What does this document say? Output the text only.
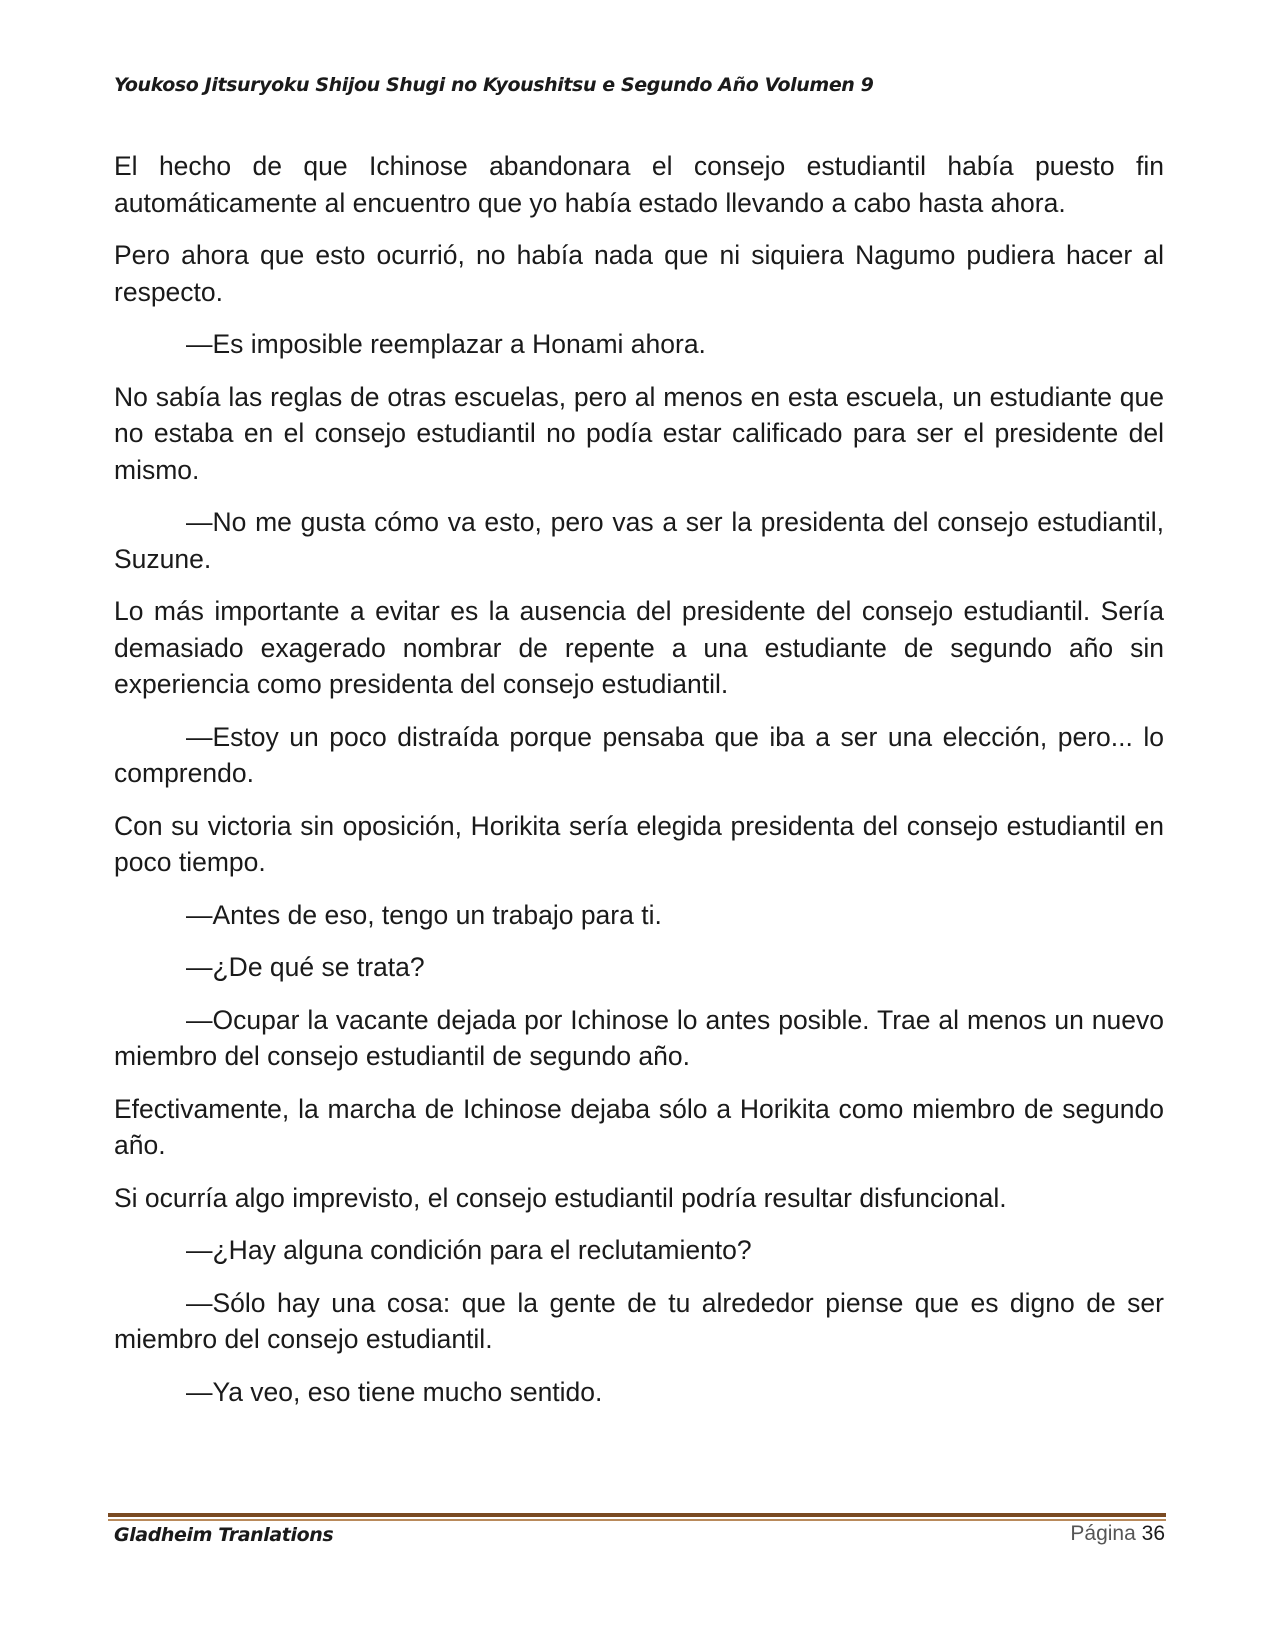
Youkoso Jitsuryoku Shijou Shugi no Kyoushitsu e Segundo Año Volumen 9

El hecho de que Ichinose abandonara el consejo estudiantil había puesto fin automáticamente al encuentro que yo había estado llevando a cabo hasta ahora.

Pero ahora que esto ocurrió, no había nada que ni siquiera Nagumo pudiera hacer al respecto.

—Es imposible reemplazar a Honami ahora.

No sabía las reglas de otras escuelas, pero al menos en esta escuela, un estudiante que no estaba en el consejo estudiantil no podía estar calificado para ser el presidente del mismo.

—No me gusta cómo va esto, pero vas a ser la presidenta del consejo estudiantil, Suzune.

Lo más importante a evitar es la ausencia del presidente del consejo estudiantil. Sería demasiado exagerado nombrar de repente a una estudiante de segundo año sin experiencia como presidenta del consejo estudiantil.

—Estoy un poco distraída porque pensaba que iba a ser una elección, pero... lo comprendo.

Con su victoria sin oposición, Horikita sería elegida presidenta del consejo estudiantil en poco tiempo.

—Antes de eso, tengo un trabajo para ti.

—¿De qué se trata?

—Ocupar la vacante dejada por Ichinose lo antes posible. Trae al menos un nuevo miembro del consejo estudiantil de segundo año.

Efectivamente, la marcha de Ichinose dejaba sólo a Horikita como miembro de segundo año.

Si ocurría algo imprevisto, el consejo estudiantil podría resultar disfuncional.

—¿Hay alguna condición para el reclutamiento?

—Sólo hay una cosa: que la gente de tu alrededor piense que es digno de ser miembro del consejo estudiantil.

—Ya veo, eso tiene mucho sentido.

Gladheim Tranlations	Página 36
